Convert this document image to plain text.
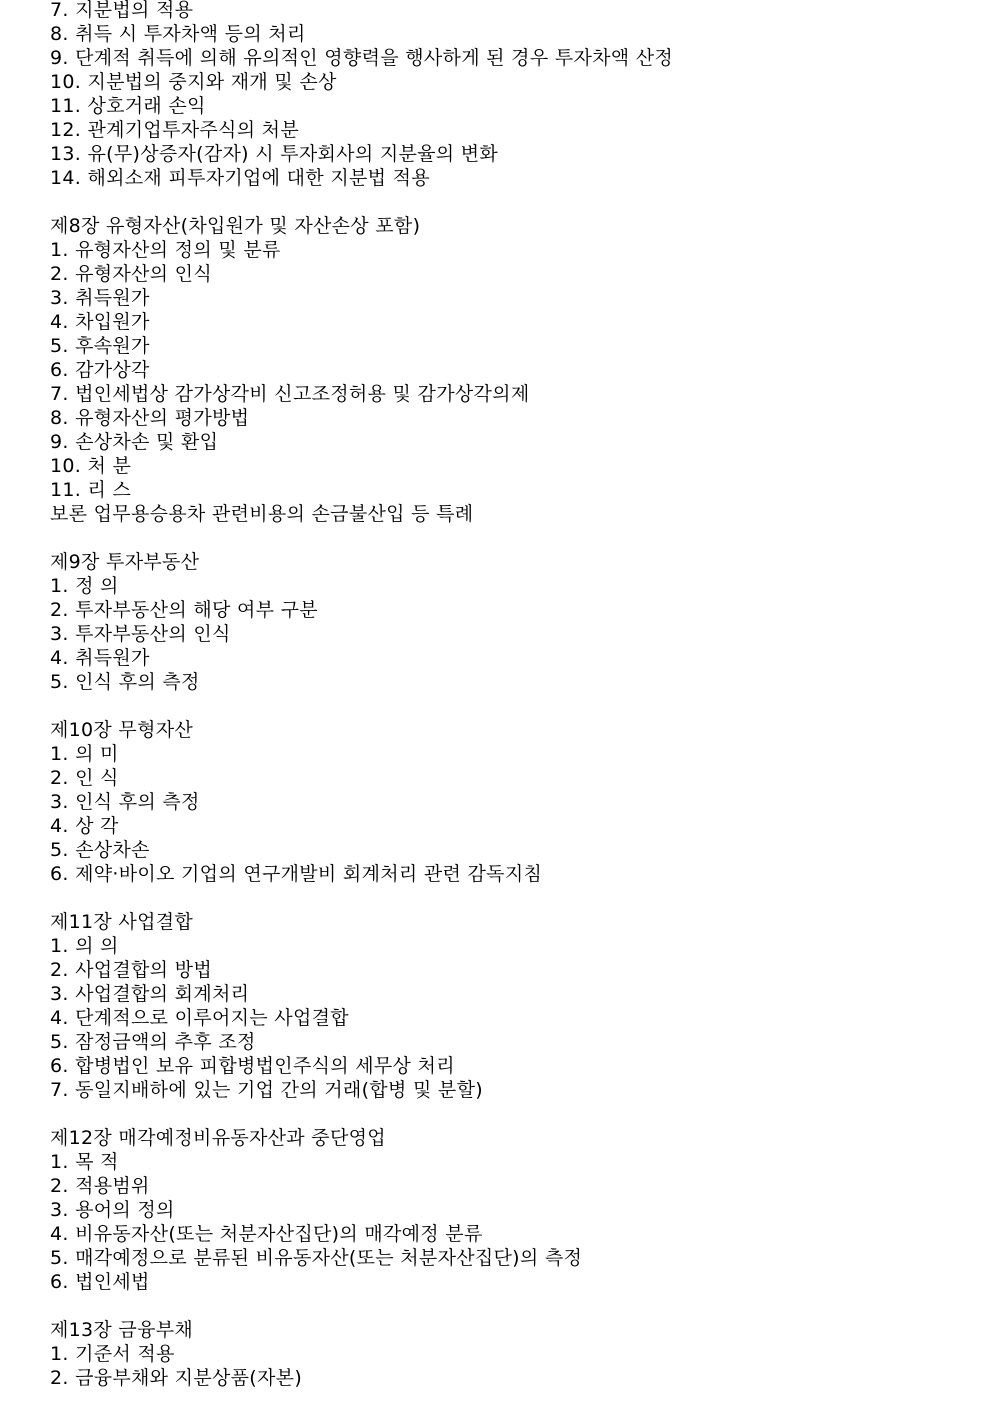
7. 지분법의 적용
8. 취득 시 투자차액 등의 처리
9. 단계적 취득에 의해 유의적인 영향력을 행사하게 된 경우 투자차액 산정
10. 지분법의 중지와 재개 및 손상
11. 상호거래 손익
12. 관계기업투자주식의 처분
13. 유(무)상증자(감자) 시 투자회사의 지분율의 변화
14. 해외소재 피투자기업에 대한 지분법 적용
제8장 유형자산(차입원가 및 자산손상 포함)
1. 유형자산의 정의 및 분류
2. 유형자산의 인식
3. 취득원가
4. 차입원가
5. 후속원가
6. 감가상각
7. 법인세법상 감가상각비 신고조정허용 및 감가상각의제
8. 유형자산의 평가방법
9. 손상차손 및 환입
10. 처 분
11. 리 스
보론 업무용승용차 관련비용의 손금불산입 등 특례
제9장 투자부동산
1. 정 의
2. 투자부동산의 해당 여부 구분
3. 투자부동산의 인식
4. 취득원가
5. 인식 후의 측정
제10장 무형자산
1. 의 미
2. 인 식
3. 인식 후의 측정
4. 상 각
5. 손상차손
6. 제약·바이오 기업의 연구개발비 회계처리 관련 감독지침
제11장 사업결합
1. 의 의
2. 사업결합의 방법
3. 사업결합의 회계처리
4. 단계적으로 이루어지는 사업결합
5. 잠정금액의 추후 조정
6. 합병법인 보유 피합병법인주식의 세무상 처리
7. 동일지배하에 있는 기업 간의 거래(합병 및 분할)
제12장 매각예정비유동자산과 중단영업
1. 목 적
2. 적용범위
3. 용어의 정의
4. 비유동자산(또는 처분자산집단)의 매각예정 분류
5. 매각예정으로 분류된 비유동자산(또는 처분자산집단)의 측정
6. 법인세법
제13장 금융부채
1. 기준서 적용
2. 금융부채와 지분상품(자본)
